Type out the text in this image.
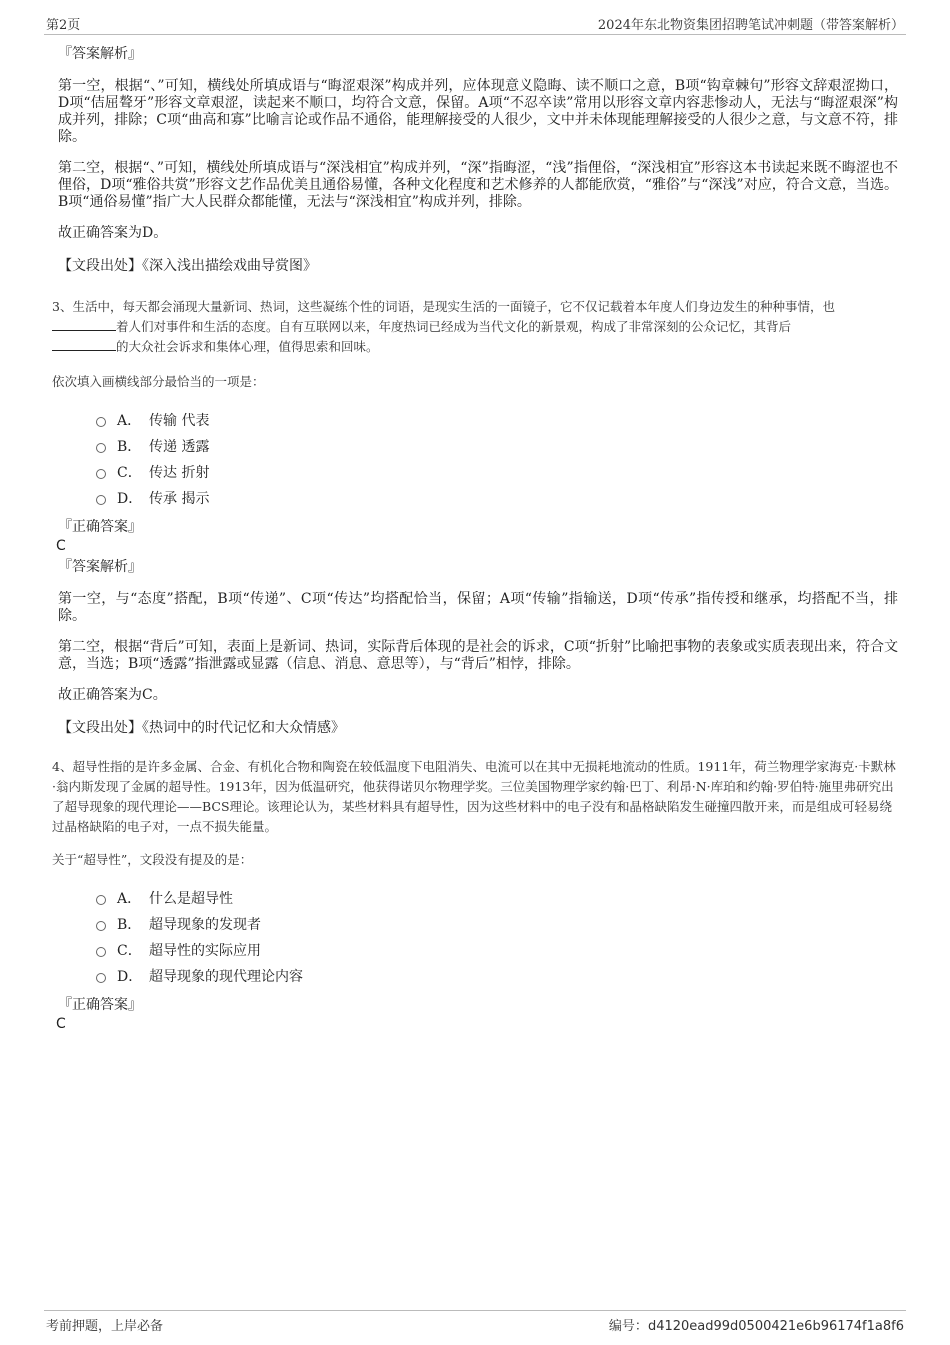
第2页	2024年东北物资集团招聘笔试冲刺题（带答案解析）

『答案解析』

第一空，根据“、”可知，横线处所填成语与“晦涩艰深”构成并列，应体现意义隐晦、读不顺口之意，B项“钩章棘句”形容文辞艰涩拗口，D项“佶屈聱牙”形容文章艰涩，读起来不顺口，均符合文意，保留。A项“不忍卒读”常用以形容文章内容悲惨动人，无法与“晦涩艰深”构成并列，排除；C项“曲高和寡”比喻言论或作品不通俗，能理解接受的人很少，文中并未体现能理解接受的人很少之意，与文意不符，排除。

第二空，根据“、”可知，横线处所填成语与“深浅相宜”构成并列，“深”指晦涩，“浅”指俚俗，“深浅相宜”形容这本书读起来既不晦涩也不俚俗，D项“雅俗共赏”形容文艺作品优美且通俗易懂，各种文化程度和艺术修养的人都能欣赏，“雅俗”与“深浅”对应，符合文意，当选。B项“通俗易懂”指广大人民群众都能懂，无法与“深浅相宜”构成并列，排除。

故正确答案为D。

【文段出处】《深入浅出描绘戏曲导赏图》

3、生活中，每天都会涌现大量新词、热词，这些凝练个性的词语，是现实生活的一面镜子，它不仅记载着本年度人们身边发生的种种事情，也
着人们对事件和生活的态度。自有互联网以来，年度热词已经成为当代文化的新景观，构成了非常深刻的公众记忆，其背后
的大众社会诉求和集体心理，值得思索和回味。

依次填入画横线部分最恰当的一项是：

A． 传输 代表
B． 传递 透露
C． 传达 折射
D． 传承 揭示

『正确答案』

C

『答案解析』

第一空，与“态度”搭配，B项“传递”、C项“传达”均搭配恰当，保留；A项“传输”指输送，D项“传承”指传授和继承，均搭配不当，排除。

第二空，根据“背后”可知，表面上是新词、热词，实际背后体现的是社会的诉求，C项“折射”比喻把事物的表象或实质表现出来，符合文意，当选；B项“透露”指泄露或显露（信息、消息、意思等），与“背后”相悖，排除。

故正确答案为C。

【文段出处】《热词中的时代记忆和大众情感》

4、超导性指的是许多金属、合金、有机化合物和陶瓷在较低温度下电阻消失、电流可以在其中无损耗地流动的性质。1911年，荷兰物理学家海克·卡默林·翁内斯发现了金属的超导性。1913年，因为低温研究，他获得诺贝尔物理学奖。三位美国物理学家约翰·巴丁、利昂·N·库珀和约翰·罗伯特·施里弗研究出了超导现象的现代理论——BCS理论。该理论认为，某些材料具有超导性，因为这些材料中的电子没有和晶格缺陷发生碰撞四散开来，而是组成可轻易绕过晶格缺陷的电子对，一点不损失能量。

关于“超导性”，文段没有提及的是：

A． 什么是超导性
B． 超导现象的发现者
C． 超导性的实际应用
D． 超导现象的现代理论内容

『正确答案』

C

考前押题，上岸必备	编号：d4120ead99d0500421e6b96174f1a8f6
